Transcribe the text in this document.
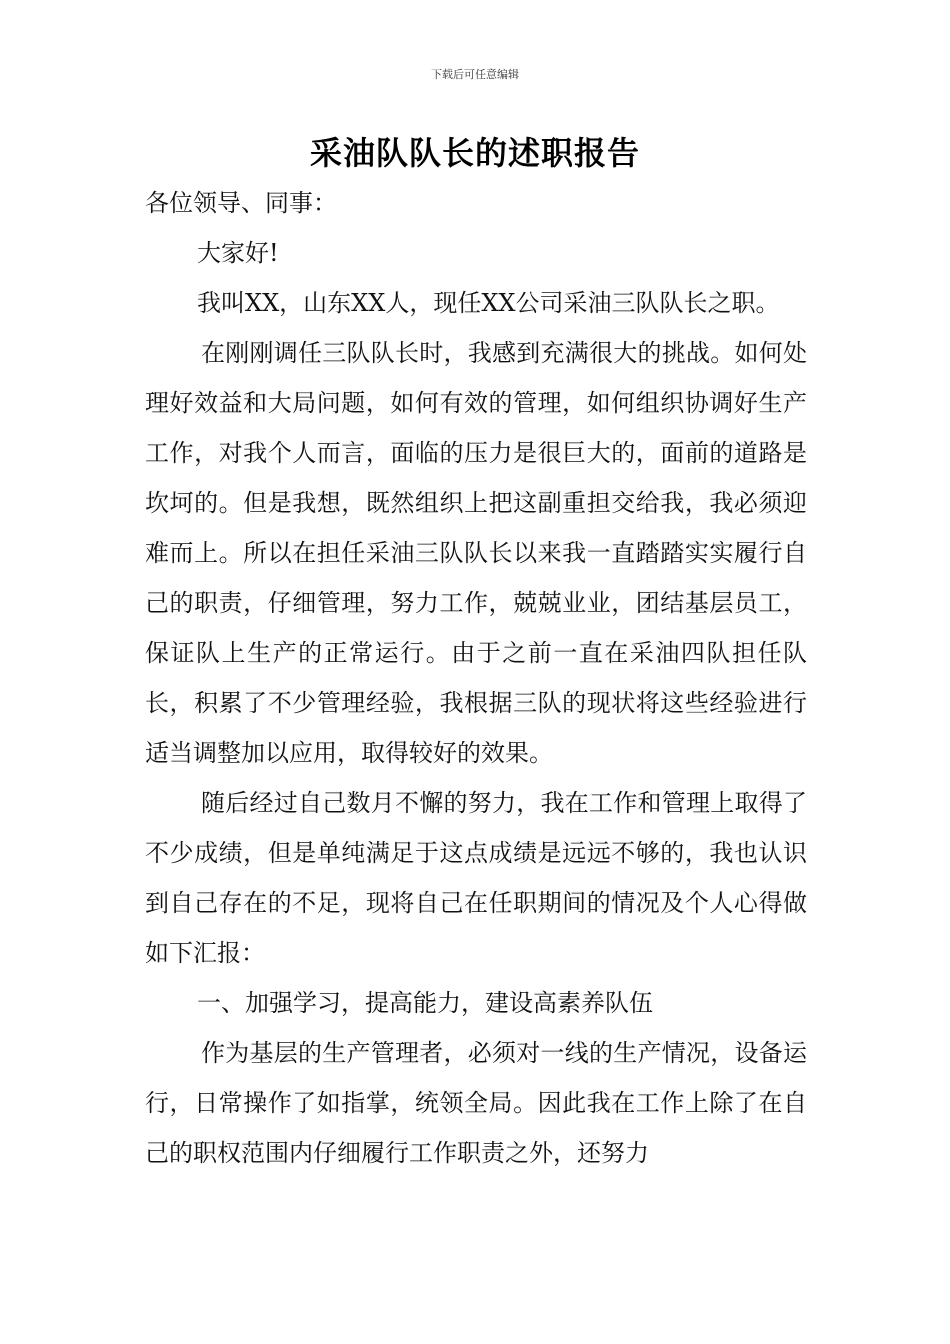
下载后可任意编辑
采油队队长的述职报告

各位领导、同事：

大家好!

我叫XX，山东XX人，现任XX公司采油三队队长之职。

在刚刚调任三队队长时，我感到充满很大的挑战。如何处理好效益和大局问题，如何有效的管理，如何组织协调好生产工作，对我个人而言，面临的压力是很巨大的，面前的道路是坎坷的。但是我想，既然组织上把这副重担交给我，我必须迎难而上。所以在担任采油三队队长以来我一直踏踏实实履行自己的职责，仔细管理，努力工作，兢兢业业，团结基层员工，保证队上生产的正常运行。由于之前一直在采油四队担任队长，积累了不少管理经验，我根据三队的现状将这些经验进行适当调整加以应用，取得较好的效果。

随后经过自己数月不懈的努力，我在工作和管理上取得了不少成绩，但是单纯满足于这点成绩是远远不够的，我也认识到自己存在的不足，现将自己在任职期间的情况及个人心得做如下汇报：

一、加强学习，提高能力，建设高素养队伍

作为基层的生产管理者，必须对一线的生产情况，设备运行，日常操作了如指掌，统领全局。因此我在工作上除了在自己的职权范围内仔细履行工作职责之外，还努力
